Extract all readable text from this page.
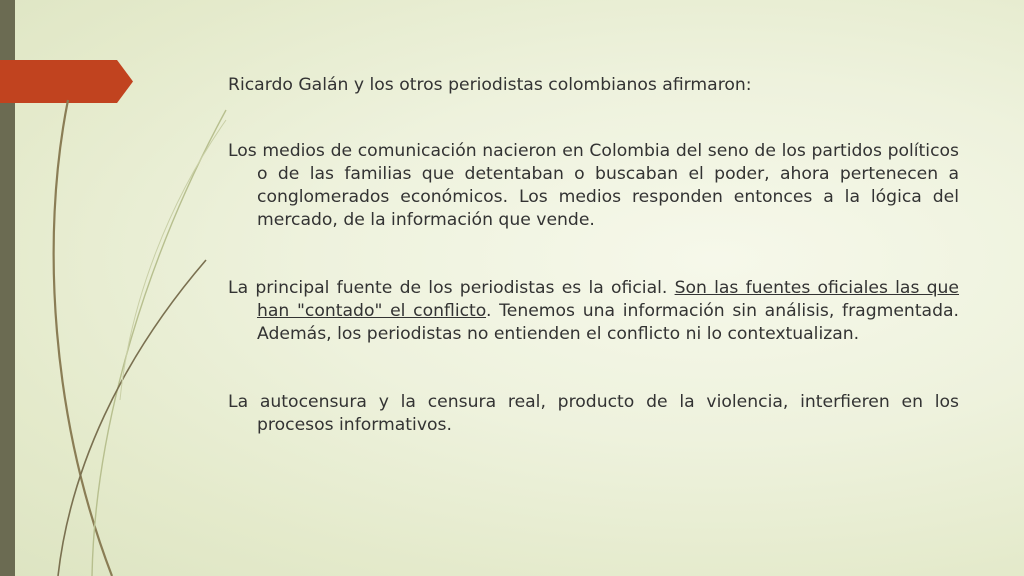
Ricardo Galán y los otros periodistas colombianos afirmaron:

Los medios de comunicación nacieron en Colombia del seno de los partidos políticos o de las familias que detentaban o buscaban el poder, ahora pertenecen a conglomerados económicos. Los medios responden entonces a la lógica del mercado, de la información que vende.

La principal fuente de los periodistas es la oficial. Son las fuentes oficiales las que han "contado" el conflicto. Tenemos una información sin análisis, fragmentada. Además, los periodistas no entienden el conflicto ni lo contextualizan.

La autocensura y la censura real, producto de la violencia, interfieren en los procesos informativos.
